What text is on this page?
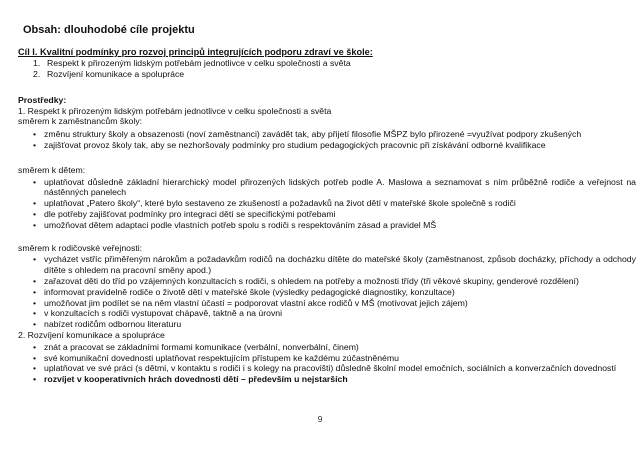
Obsah: dlouhodobé cíle projektu

Cíl I. Kvalitní podmínky pro rozvoj principů integrujících podporu zdraví ve škole:

1. Respekt k přirozeným lidským potřebám jednotlivce v celku společnosti a světa
2. Rozvíjení komunikace a spolupráce

Prostředky:

1. Respekt k přirozeným lidským potřebám jednotlivce v celku společnosti a světa

směrem k zaměstnancům školy:

• změnu struktury školy a obsazenosti (noví zaměstnanci) zavádět tak, aby přijetí filosofie MŠPZ bylo přirozené =využívat podpory zkušených
• zajišťovat provoz školy tak, aby se nezhoršovaly podmínky pro studium pedagogických pracovnic při získávání odborné kvalifikace

směrem k dětem:

• uplatňovat důsledně základní hierarchický model přirozených lidských potřeb podle A. Maslowa a seznamovat s ním průběžně rodiče a veřejnost na nástěnných panelech
• uplatňovat „Patero školy“, které bylo sestaveno ze zkušeností a požadavků na život dětí v mateřské škole společně s rodiči
• dle potřeby zajišťovat podmínky pro integraci dětí se specifickými potřebami
• umožňovat dětem adaptaci podle vlastních potřeb spolu s rodiči s respektováním zásad a pravidel MŠ

směrem k rodičovské veřejnosti:

• vycházet vstříc přiměřeným nárokům a požadavkům rodičů na docházku dítěte do mateřské školy (zaměstnanost, způsob docházky, příchody a odchody dítěte s ohledem na pracovní směny apod.)
• zařazovat děti do tříd po vzájemných konzultacích s rodiči, s ohledem na potřeby a možnosti třídy (tři věkové skupiny, genderové rozdělení)
• informovat pravidelně rodiče o životě dětí v mateřské škole (výsledky pedagogické diagnostiky, konzultace)
• umožňovat jim podílet se na něm vlastní účastí = podporovat vlastní akce rodičů v MŠ (motivovat jejich zájem)
• v konzultacích s rodiči vystupovat chápavě, taktně a na úrovni
• nabízet rodičům odbornou literaturu

2. Rozvíjení komunikace a spolupráce

• znát a pracovat se základními formami komunikace (verbální, nonverbální, činem)
• své komunikační dovednosti uplatňovat respektujícím přístupem ke každému zúčastněnému
• uplatňovat ve své práci (s dětmi, v kontaktu s rodiči i s kolegy na pracovišti) důsledně školní model emočních, sociálních a konverzačních dovedností
• rozvíjet v kooperativních hrách dovednosti dětí – především u nejstarších
9
